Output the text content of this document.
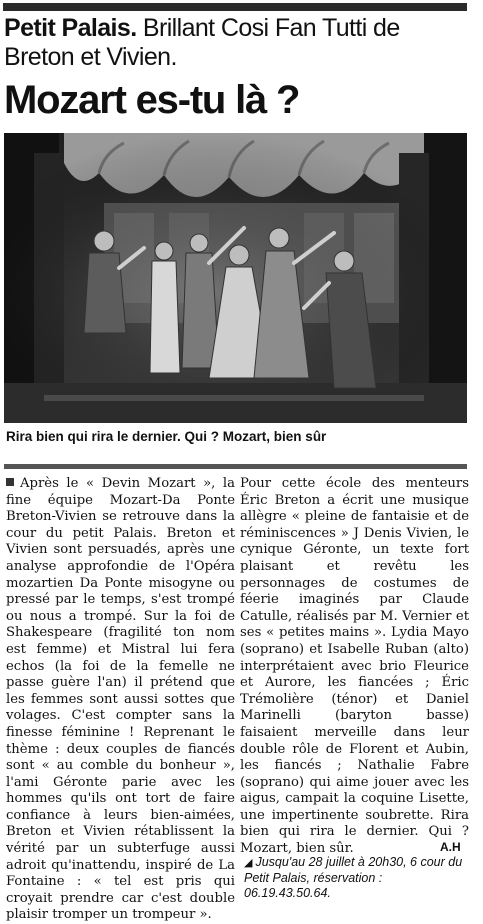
Petit Palais. Brillant Cosi Fan Tutti de Breton et Vivien.
Mozart es-tu là ?
Rira bien qui rira le dernier. Qui ? Mozart, bien sûr

Après le « Devin Mozart », la fine équipe Mozart-Da Ponte Breton-Vivien se retrouve dans la cour du petit Palais. Breton et Vivien sont persuadés, après une analyse approfondie de l'Opéra mozartien Da Ponte misogyne ou pressé par le temps, s'est trompé ou nous a trompé. Sur la foi de Shakespeare (fragilité ton nom est femme) et Mistral lui fera echos (la foi de la femelle ne passe guère l'an) il prétend que les femmes sont aussi sottes que volages. C'est compter sans la finesse féminine ! Reprenant le thème : deux couples de fiancés sont « au comble du bonheur », l'ami Géronte parie avec les hommes qu'ils ont tort de faire confiance à leurs bien-aimées, Breton et Vivien rétablissent la vérité par un subterfuge aussi adroit qu'inattendu, inspiré de La Fontaine : « tel est pris qui croyait prendre car c'est double plaisir tromper un trompeur ».

Pour cette école des menteurs Éric Breton a écrit une musique allègre « pleine de fantaisie et de réminiscences » J Denis Vivien, le cynique Géronte, un texte fort plaisant et revêtu les personnages de costumes de féerie imaginés par Claude Catulle, réalisés par M. Vernier et ses « petites mains ». Lydia Mayo (soprano) et Isabelle Ruban (alto) interprétaient avec brio Fleurice et Aurore, les fiancées ; Éric Trémolière (ténor) et Daniel Marinelli (baryton basse) faisaient merveille dans leur double rôle de Florent et Aubin, les fiancés ; Nathalie Fabre (soprano) qui aime jouer avec les aigus, campait la coquine Lisette, une impertinente soubrette. Rira bien qui rira le dernier. Qui ? Mozart, bien sûr.	A.H
◢ Jusqu'au 28 juillet à 20h30, 6 cour du Petit Palais, réservation : 06.19.43.50.64.
